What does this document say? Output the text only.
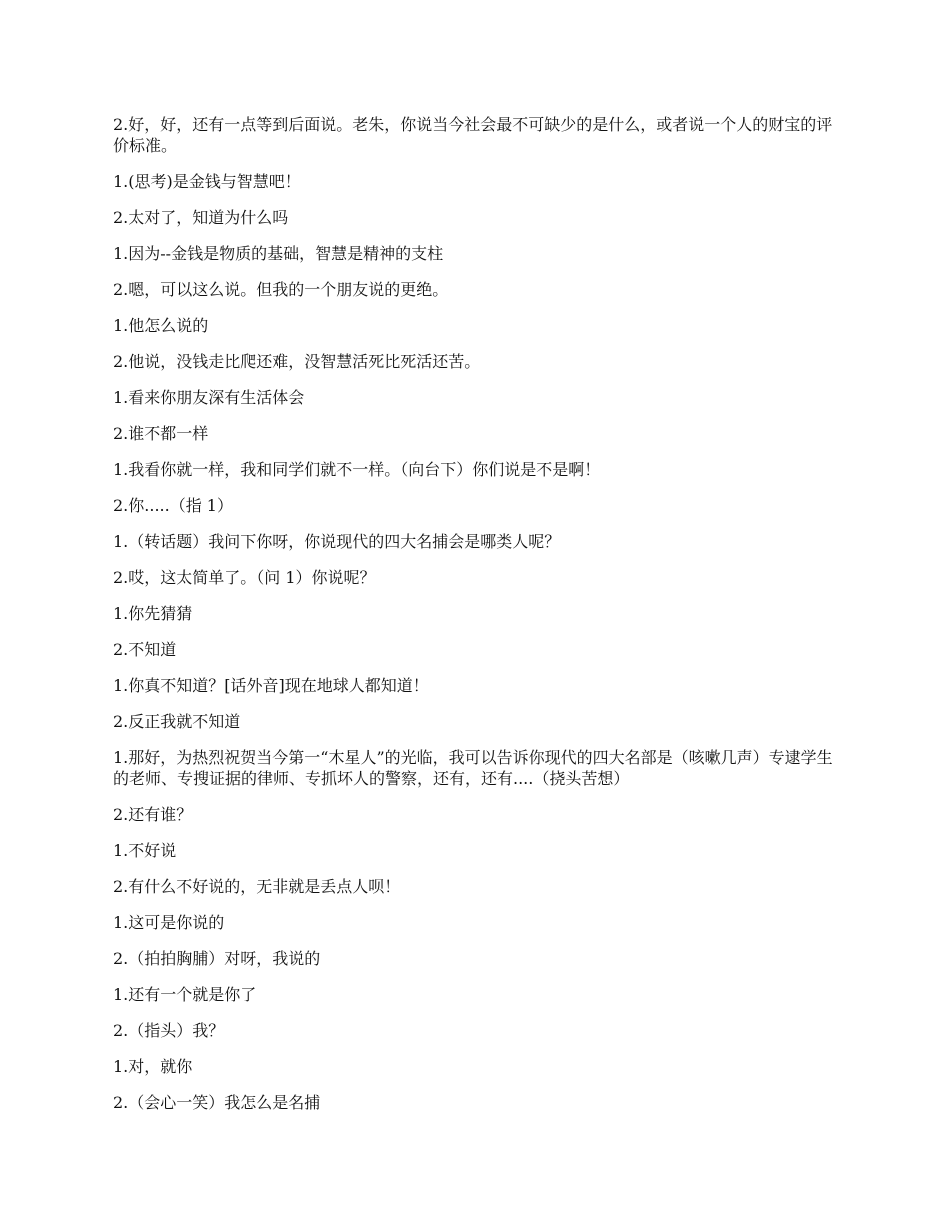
2.好，好，还有一点等到后面说。老朱，你说当今社会最不可缺少的是什么，或者说一个人的财宝的评价标准。

1.(思考)是金钱与智慧吧！

2.太对了，知道为什么吗

1.因为--金钱是物质的基础，智慧是精神的支柱

2.嗯，可以这么说。但我的一个朋友说的更绝。

1.他怎么说的

2.他说，没钱走比爬还难，没智慧活死比死活还苦。

1.看来你朋友深有生活体会

2.谁不都一样

1.我看你就一样，我和同学们就不一样。（向台下）你们说是不是啊！

2.你.....（指 1）

1.（转话题）我问下你呀，你说现代的四大名捕会是哪类人呢？

2.哎，这太简单了。（问 1）你说呢？

1.你先猜猜

2.不知道

1.你真不知道？[话外音]现在地球人都知道！

2.反正我就不知道

1.那好，为热烈祝贺当今第一“木星人”的光临，我可以告诉你现代的四大名部是（咳嗽几声）专逮学生的老师、专搜证据的律师、专抓坏人的警察，还有，还有....（挠头苦想）

2.还有谁？

1.不好说

2.有什么不好说的，无非就是丢点人呗！

1.这可是你说的

2.（拍拍胸脯）对呀，我说的

1.还有一个就是你了

2.（指头）我？

1.对，就你

2.（会心一笑）我怎么是名捕
